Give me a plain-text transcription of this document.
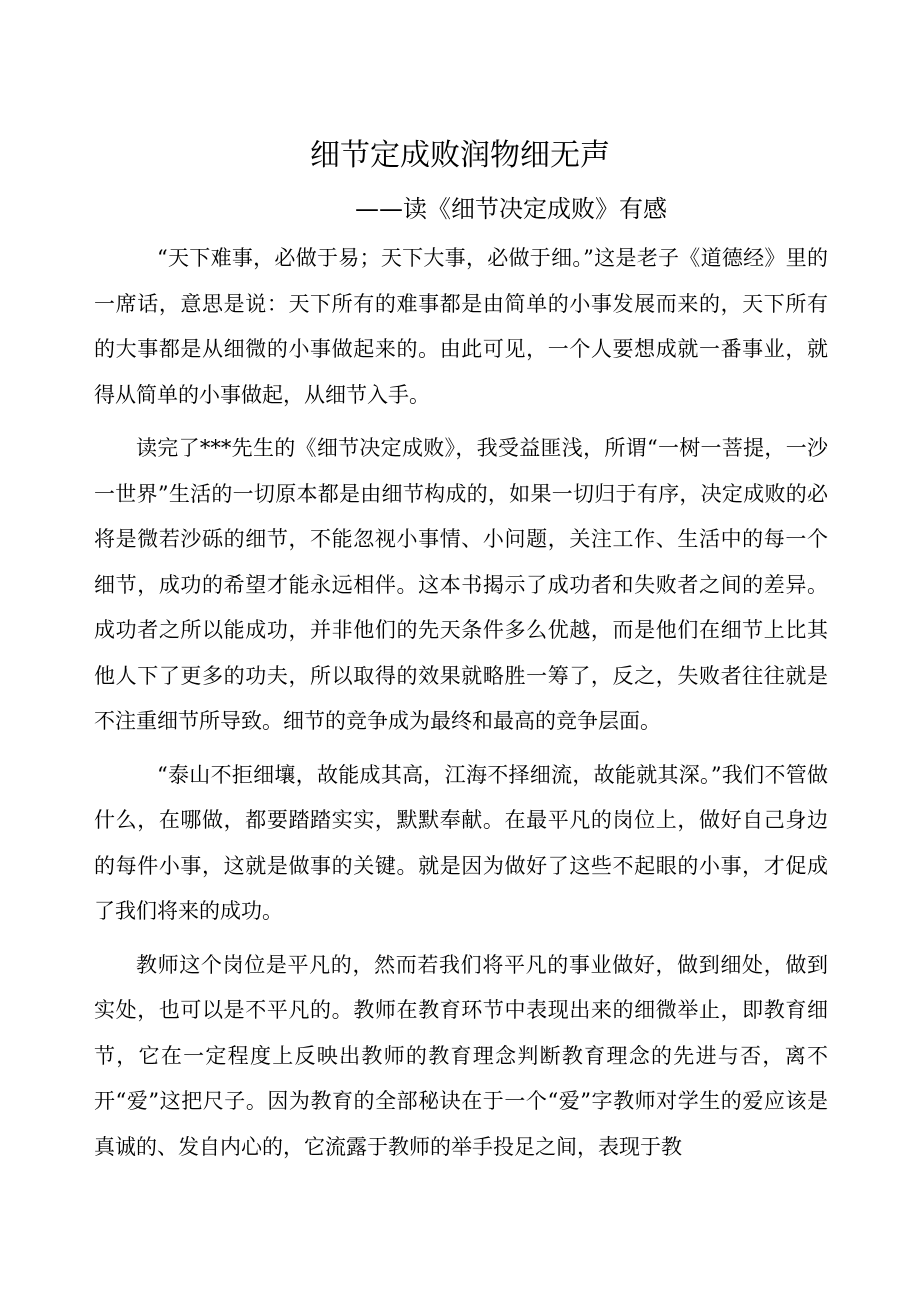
细节定成败润物细无声
——读《细节决定成败》有感

“天下难事，必做于易；天下大事，必做于细。”这是老子《道德经》里的一席话，意思是说：天下所有的难事都是由简单的小事发展而来的，天下所有的大事都是从细微的小事做起来的。由此可见，一个人要想成就一番事业，就得从简单的小事做起，从细节入手。

读完了***先生的《细节决定成败》，我受益匪浅，所谓“一树一菩提，一沙一世界”生活的一切原本都是由细节构成的，如果一切归于有序，决定成败的必将是微若沙砾的细节，不能忽视小事情、小问题，关注工作、生活中的每一个细节，成功的希望才能永远相伴。这本书揭示了成功者和失败者之间的差异。成功者之所以能成功，并非他们的先天条件多么优越，而是他们在细节上比其他人下了更多的功夫，所以取得的效果就略胜一筹了，反之，失败者往往就是不注重细节所导致。细节的竞争成为最终和最高的竞争层面。

“泰山不拒细壤，故能成其高，江海不择细流，故能就其深。”我们不管做什么，在哪做，都要踏踏实实，默默奉献。在最平凡的岗位上，做好自己身边的每件小事，这就是做事的关键。就是因为做好了这些不起眼的小事，才促成了我们将来的成功。

教师这个岗位是平凡的，然而若我们将平凡的事业做好，做到细处，做到实处，也可以是不平凡的。教师在教育环节中表现出来的细微举止，即教育细节，它在一定程度上反映出教师的教育理念判断教育理念的先进与否，离不开“爱”这把尺子。因为教育的全部秘诀在于一个“爱”字教师对学生的爱应该是真诚的、发自内心的，它流露于教师的举手投足之间，表现于教
